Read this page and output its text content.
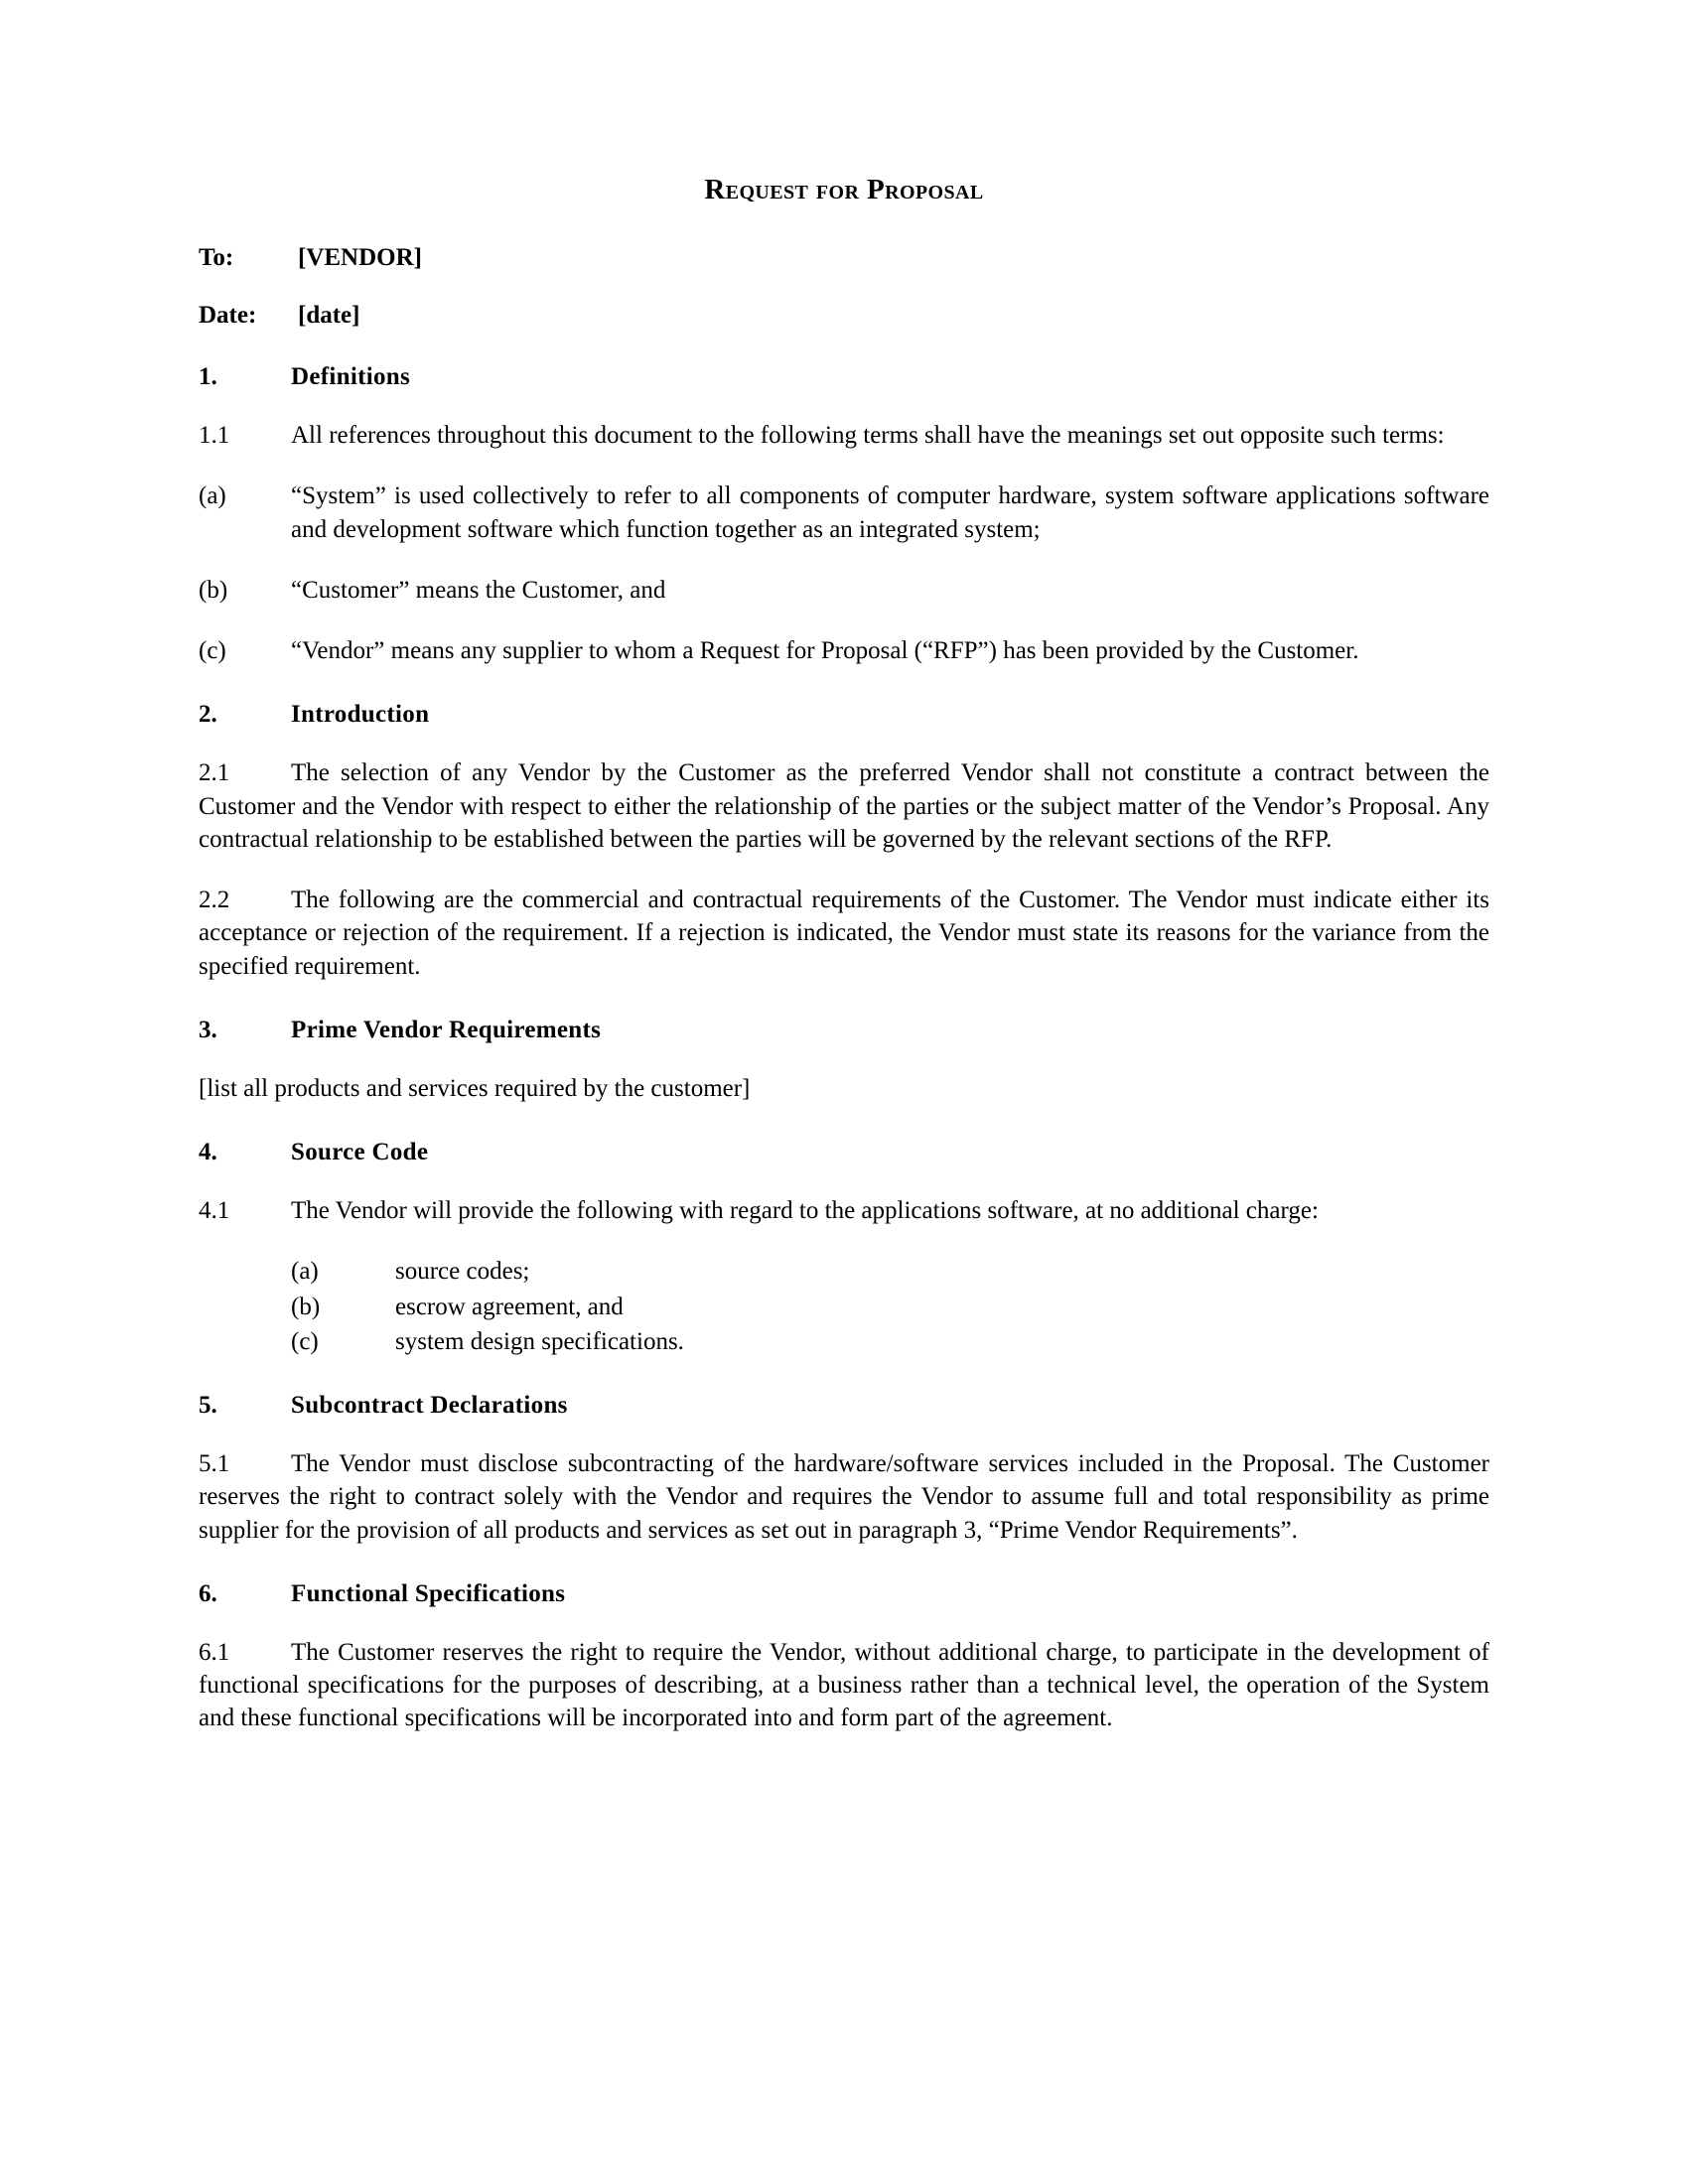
Request for Proposal
To:	[VENDOR]
Date:	[date]
1.	Definitions

1.1 All references throughout this document to the following terms shall have the meanings set out opposite such terms:

(a)	“System” is used collectively to refer to all components of computer hardware, system software applications software and development software which function together as an integrated system;
(b)	“Customer” means the Customer, and
(c)	“Vendor” means any supplier to whom a Request for Proposal (“RFP”) has been provided by the Customer.
2.	Introduction

2.1 The selection of any Vendor by the Customer as the preferred Vendor shall not constitute a contract between the Customer and the Vendor with respect to either the relationship of the parties or the subject matter of the Vendor’s Proposal. Any contractual relationship to be established between the parties will be governed by the relevant sections of the RFP.

2.2 The following are the commercial and contractual requirements of the Customer. The Vendor must indicate either its acceptance or rejection of the requirement. If a rejection is indicated, the Vendor must state its reasons for the variance from the specified requirement.

3.	Prime Vendor Requirements

[list all products and services required by the customer]

4.	Source Code

4.1 The Vendor will provide the following with regard to the applications software, at no additional charge:

(a)	source codes;
(b)	escrow agreement, and
(c)	system design specifications.
5.	Subcontract Declarations

5.1 The Vendor must disclose subcontracting of the hardware/software services included in the Proposal. The Customer reserves the right to contract solely with the Vendor and requires the Vendor to assume full and total responsibility as prime supplier for the provision of all products and services as set out in paragraph 3, “Prime Vendor Requirements”.

6.	Functional Specifications

6.1 The Customer reserves the right to require the Vendor, without additional charge, to participate in the development of functional specifications for the purposes of describing, at a business rather than a technical level, the operation of the System and these functional specifications will be incorporated into and form part of the agreement.
